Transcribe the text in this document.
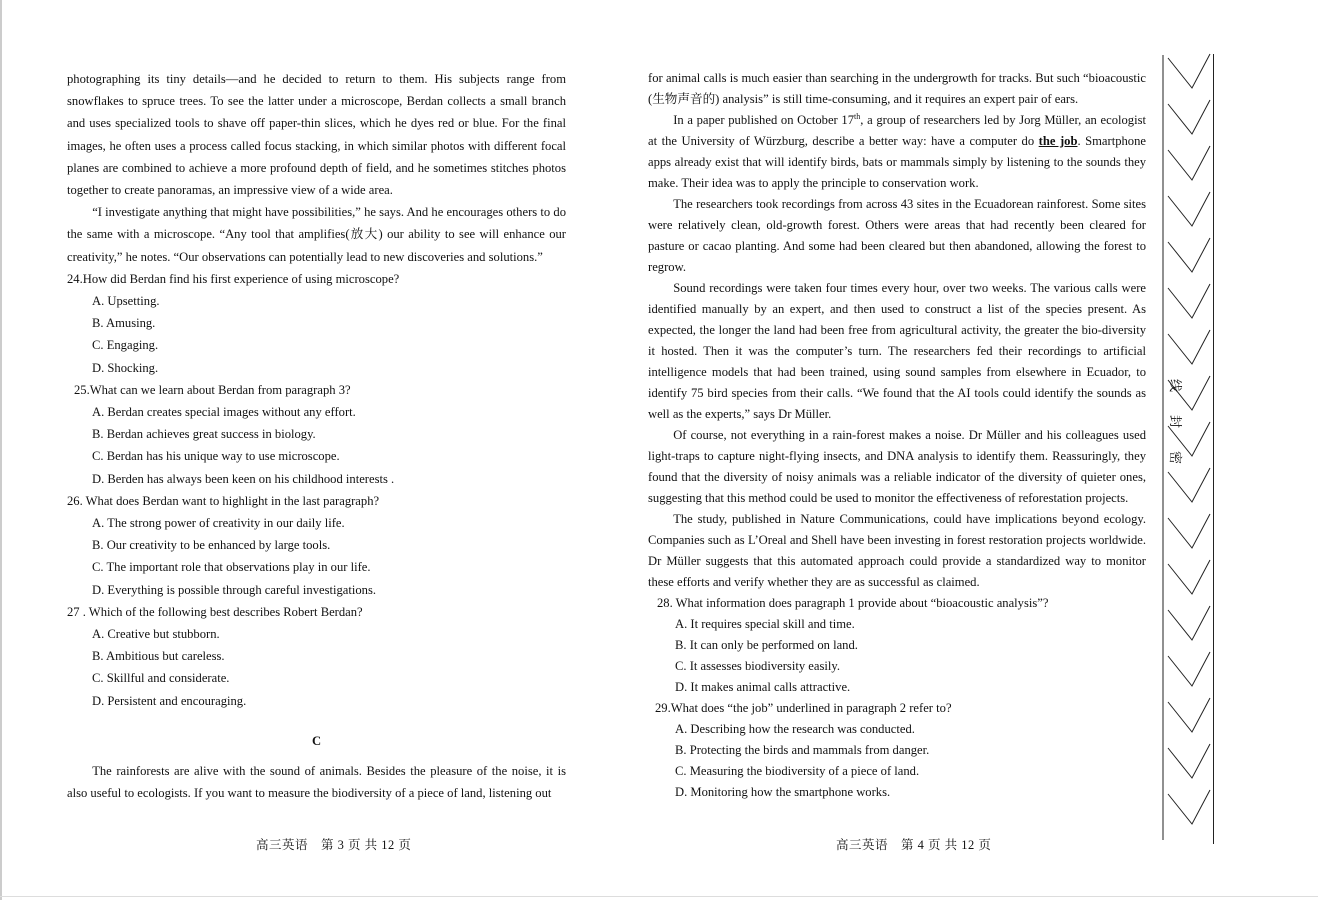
photographing its tiny details—and he decided to return to them. His subjects range from snowflakes to spruce trees. To see the latter under a microscope, Berdan collects a small branch and uses specialized tools to shave off paper-thin slices, which he dyes red or blue. For the final images, he often uses a process called focus stacking, in which similar photos with different focal planes are combined to achieve a more profound depth of field, and he sometimes stitches photos together to create panoramas, an impressive view of a wide area.

“I investigate anything that might have possibilities,” he says. And he encourages others to do the same with a microscope. “Any tool that amplifies(放大) our ability to see will enhance our creativity,” he notes. “Our observations can potentially lead to new discoveries and solutions.”

24.How did Berdan find his first experience of using microscope?

A. Upsetting.

B. Amusing.

C. Engaging.

D. Shocking.

25.What can we learn about Berdan from paragraph 3?

A. Berdan creates special images without any effort.

B. Berdan achieves great success in biology.

C. Berdan has his unique way to use microscope.

D. Berden has always been keen on his childhood interests .

26. What does Berdan want to highlight in the last paragraph?

A. The strong power of creativity in our daily life.

B. Our creativity to be enhanced by large tools.

C. The important role that observations play in our life.

D. Everything is possible through careful investigations.

27 . Which of the following best describes Robert Berdan?

A. Creative but stubborn.

B. Ambitious but careless.

C. Skillful and considerate.

D. Persistent and encouraging.

C

The rainforests are alive with the sound of animals. Besides the pleasure of the noise, it is also useful to ecologists. If you want to measure the biodiversity of a piece of land, listening out

高三英语　第 3 页 共 12 页

for animal calls is much easier than searching in the undergrowth for tracks. But such “bioacoustic (生物声音的) analysis” is still time-consuming, and it requires an expert pair of ears.

In a paper published on October 17th, a group of researchers led by Jorg Müller, an ecologist at the University of Würzburg, describe a better way: have a computer do the job. Smartphone apps already exist that will identify birds, bats or mammals simply by listening to the sounds they make. Their idea was to apply the principle to conservation work.

The researchers took recordings from across 43 sites in the Ecuadorean rainforest. Some sites were relatively clean, old-growth forest. Others were areas that had recently been cleared for pasture or cacao planting. And some had been cleared but then abandoned, allowing the forest to regrow.

Sound recordings were taken four times every hour, over two weeks. The various calls were identified manually by an expert, and then used to construct a list of the species present. As expected, the longer the land had been free from agricultural activity, the greater the bio-diversity it hosted. Then it was the computer’s turn. The researchers fed their recordings to artificial intelligence models that had been trained, using sound samples from elsewhere in Ecuador, to identify 75 bird species from their calls. “We found that the AI tools could identify the sounds as well as the experts,” says Dr Müller.

Of course, not everything in a rain-forest makes a noise. Dr Müller and his colleagues used light-traps to capture night-flying insects, and DNA analysis to identify them. Reassuringly, they found that the diversity of noisy animals was a reliable indicator of the diversity of quieter ones, suggesting that this method could be used to monitor the effectiveness of reforestation projects.

The study, published in Nature Communications, could have implications beyond ecology. Companies such as L’Oreal and Shell have been investing in forest restoration projects worldwide. Dr Müller suggests that this automated approach could provide a standardized way to monitor these efforts and verify whether they are as successful as claimed.

28. What information does paragraph 1 provide about “bioacoustic analysis”?

A. It requires special skill and time.

B. It can only be performed on land.

C. It assesses biodiversity easily.

D. It makes animal calls attractive.

29.What does “the job” underlined in paragraph 2 refer to?

A. Describing how the research was conducted.

B. Protecting the birds and mammals from danger.

C. Measuring the biodiversity of a piece of land.

D. Monitoring how the smartphone works.

高三英语　第 4 页 共 12 页
线
封
密
